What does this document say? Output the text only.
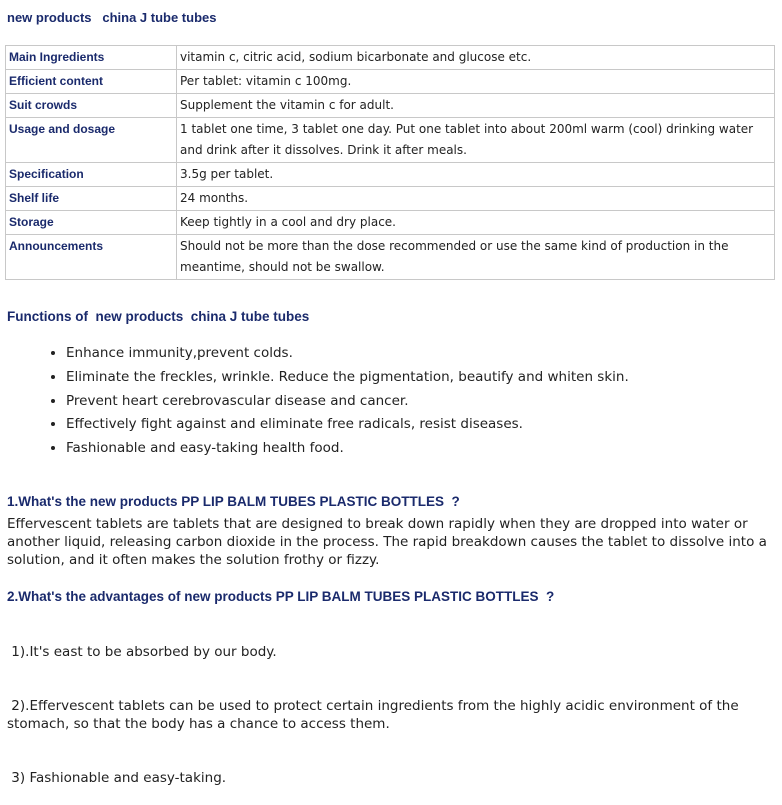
new products   china J tube tubes
Main Ingredients	vitamin c, citric acid, sodium bicarbonate and glucose etc.
Efficient content	Per tablet: vitamin c 100mg.
Suit crowds	Supplement the vitamin c for adult.
Usage and dosage	1 tablet one time, 3 tablet one day. Put one tablet into about 200ml warm (cool) drinking water and drink after it dissolves. Drink it after meals.
Specification	3.5g per tablet.
Shelf life	24 months.
Storage	Keep tightly in a cool and dry place.
Announcements	Should not be more than the dose recommended or use the same kind of production in the meantime, should not be swallow.
Functions of  new products  china J tube tubes
• Enhance immunity,prevent colds.
• Eliminate the freckles, wrinkle. Reduce the pigmentation, beautify and whiten skin.
• Prevent heart cerebrovascular disease and cancer.
• Effectively fight against and eliminate free radicals, resist diseases.
• Fashionable and easy-taking health food.
1.What's the new products PP LIP BALM TUBES PLASTIC BOTTLES  ?

Effervescent tablets are tablets that are designed to break down rapidly when they are dropped into water or another liquid, releasing carbon dioxide in the process. The rapid breakdown causes the tablet to dissolve into a solution, and it often makes the solution frothy or fizzy.

2.What's the advantages of new products PP LIP BALM TUBES PLASTIC BOTTLES  ?

1).It's east to be absorbed by our body.

2).Effervescent tablets can be used to protect certain ingredients from the highly acidic environment of the stomach, so that the body has a chance to access them.

3) Fashionable and easy-taking.
